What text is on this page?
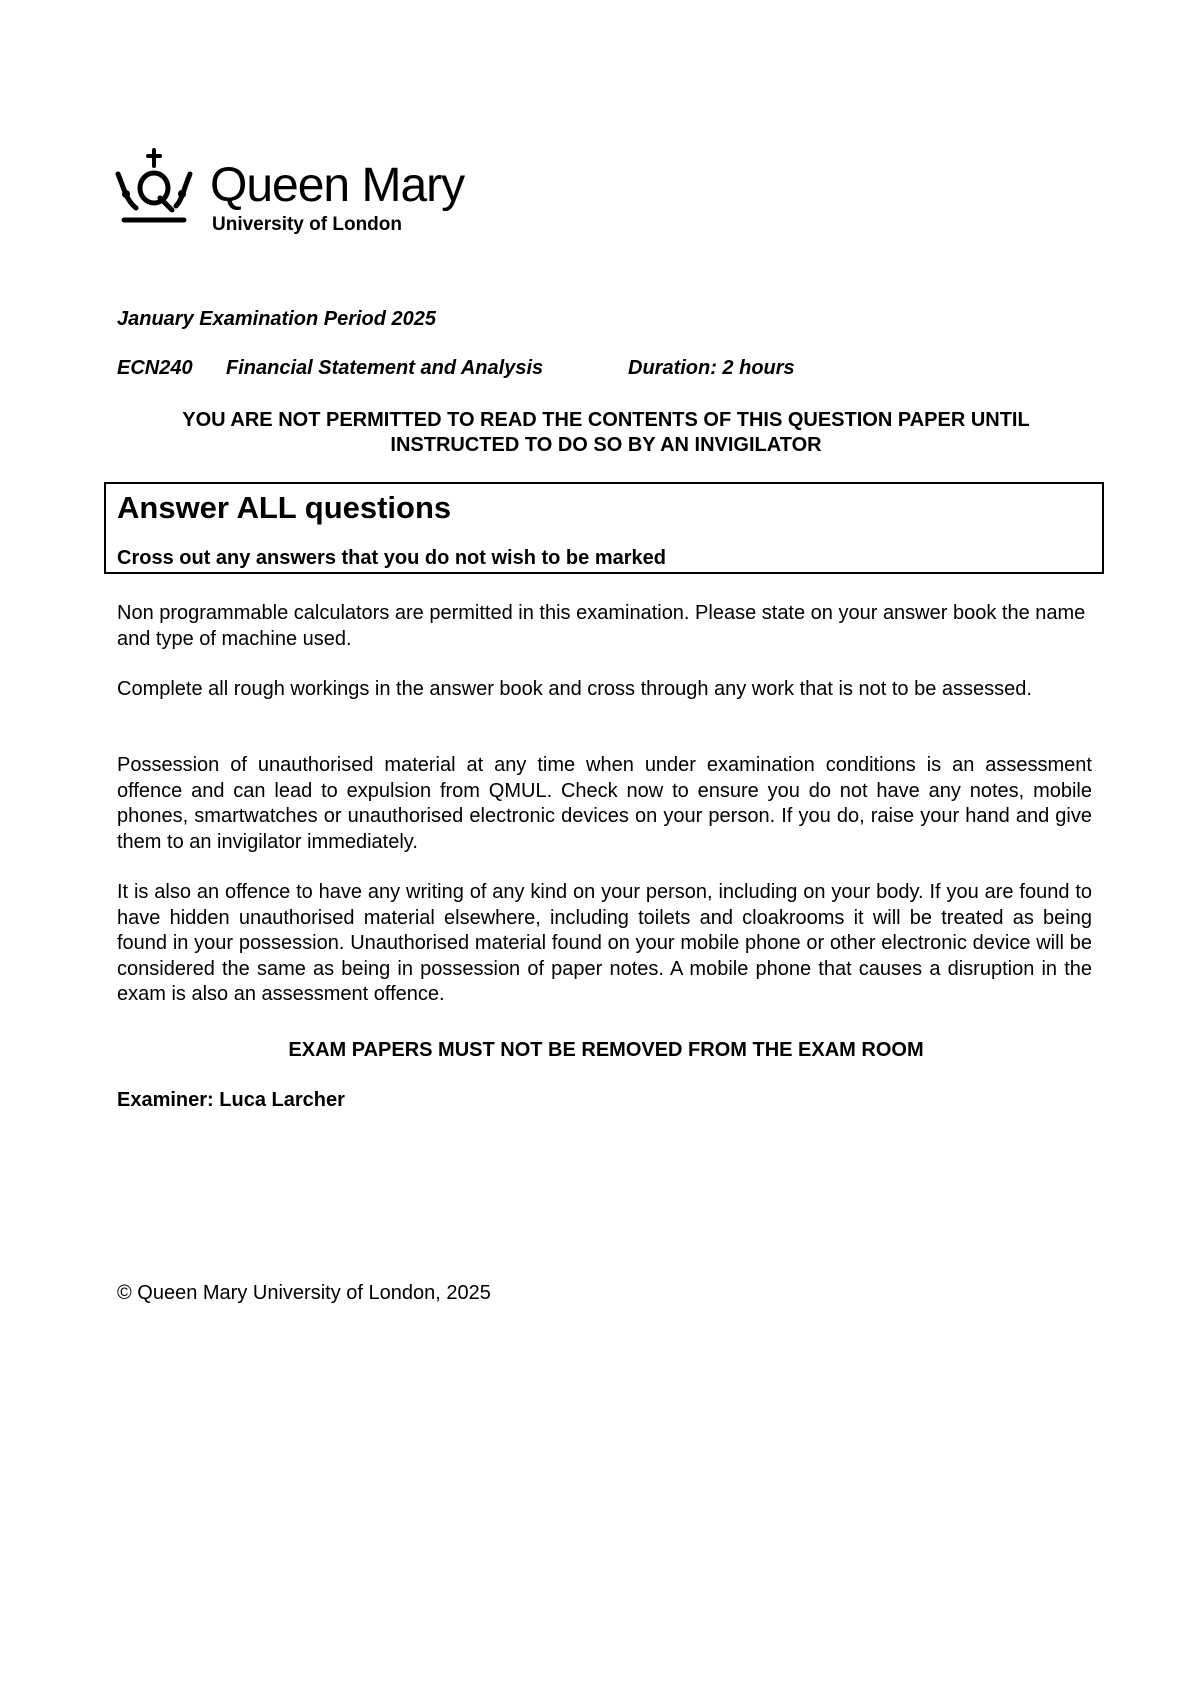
Queen Mary
University of London
January Examination Period 2025
ECN240 Financial Statement and Analysis	Duration: 2 hours
YOU ARE NOT PERMITTED TO READ THE CONTENTS OF THIS QUESTION PAPER UNTIL
INSTRUCTED TO DO SO BY AN INVIGILATOR
Answer ALL questions
Cross out any answers that you do not wish to be marked

Non programmable calculators are permitted in this examination. Please state on your answer book the name and type of machine used.

Complete all rough workings in the answer book and cross through any work that is not to be assessed.

Possession of unauthorised material at any time when under examination conditions is an assessment offence and can lead to expulsion from QMUL. Check now to ensure you do not have any notes, mobile phones, smartwatches or unauthorised electronic devices on your person. If you do, raise your hand and give them to an invigilator immediately.

It is also an offence to have any writing of any kind on your person, including on your body. If you are found to have hidden unauthorised material elsewhere, including toilets and cloakrooms it will be treated as being found in your possession. Unauthorised material found on your mobile phone or other electronic device will be considered the same as being in possession of paper notes. A mobile phone that causes a disruption in the exam is also an assessment offence.

EXAM PAPERS MUST NOT BE REMOVED FROM THE EXAM ROOM
Examiner: Luca Larcher
© Queen Mary University of London, 2025
